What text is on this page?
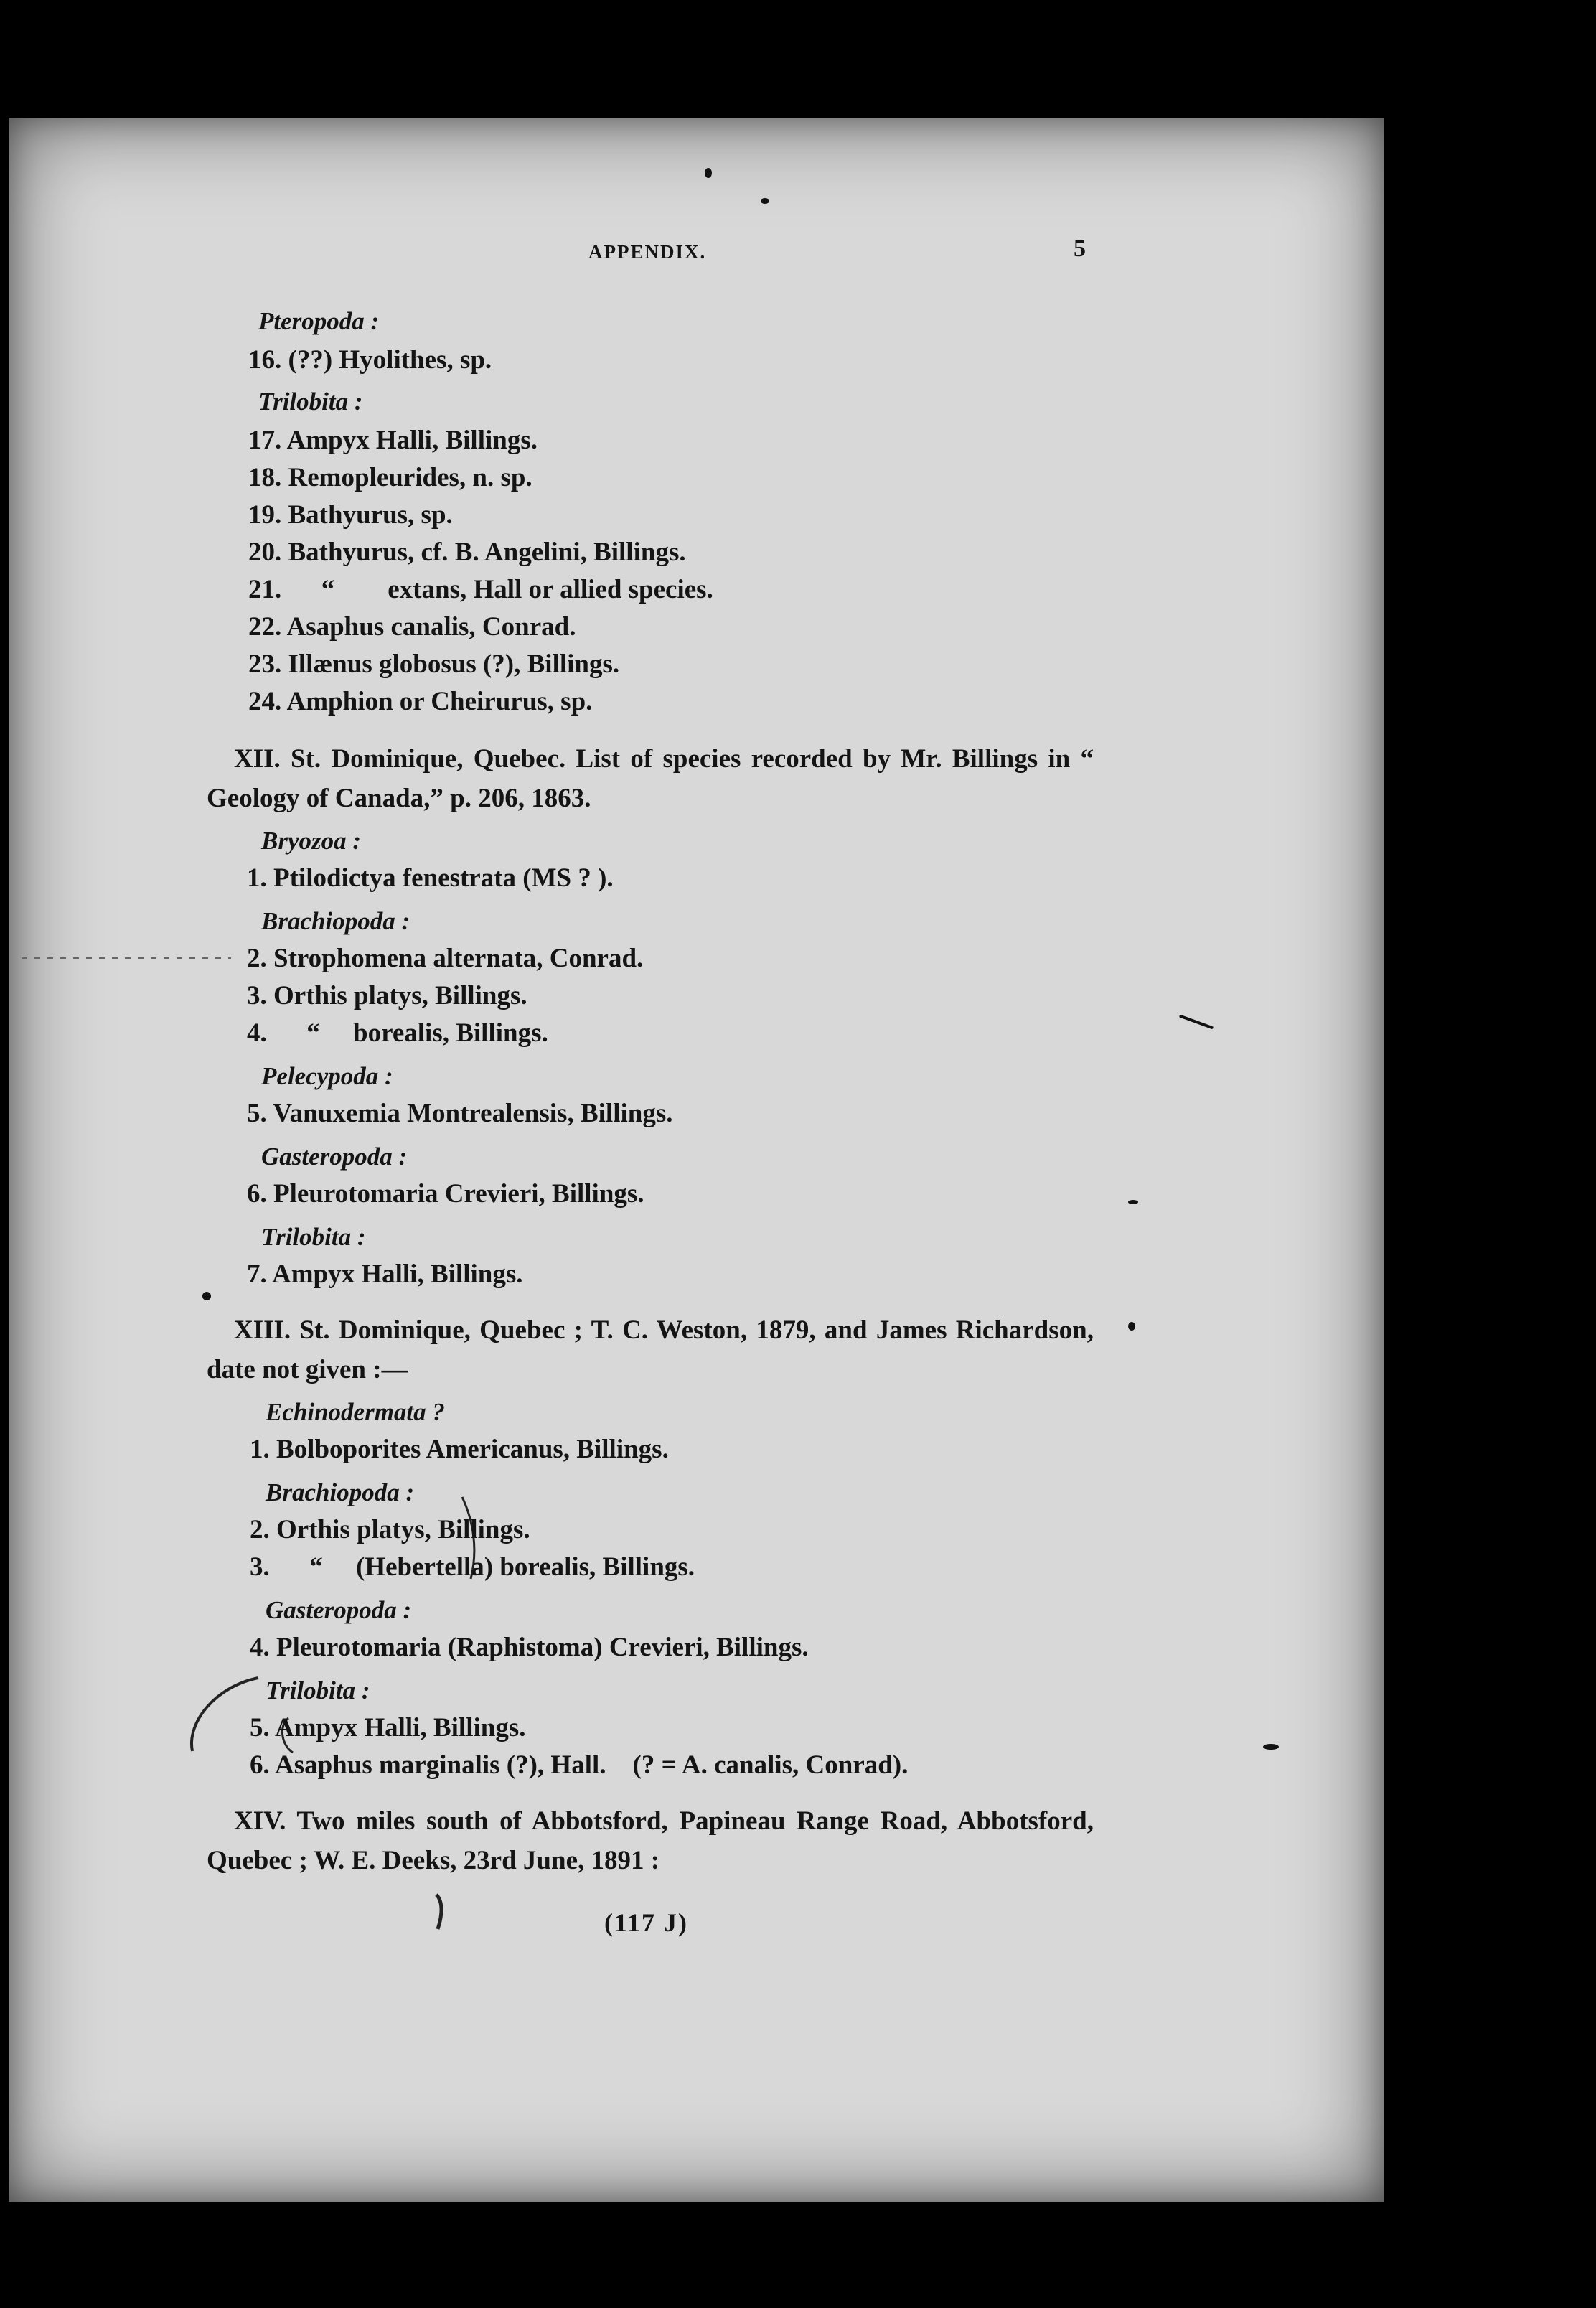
APPENDIX.	5
Pteropoda :
16. (??) Hyolithes, sp.
Trilobita :
17. Ampyx Halli, Billings.
18. Remopleurides, n. sp.
19. Bathyurus, sp.
20. Bathyurus, cf. B. Angelini, Billings.
21. “        extans, Hall or allied species.
22. Asaphus canalis, Conrad.
23. Illænus globosus (?), Billings.
24. Amphion or Cheirurus, sp.
XII. St. Dominique, Quebec. List of species recorded by Mr. Billings in “ Geology of Canada,” p. 206, 1863.
Bryozoa :
1. Ptilodictya fenestrata (MS ? ).
Brachiopoda :
2. Strophomena alternata, Conrad.
3. Orthis platys, Billings.
4. “     borealis, Billings.
Pelecypoda :
5. Vanuxemia Montrealensis, Billings.
Gasteropoda :
6. Pleurotomaria Crevieri, Billings.
Trilobita :
7. Ampyx Halli, Billings.
XIII. St. Dominique, Quebec ; T. C. Weston, 1879, and James Richardson, date not given :—
Echinodermata ?
1. Bolboporites Americanus, Billings.
Brachiopoda :
2. Orthis platys, Billings.
3. “     (Hebertella) borealis, Billings.
Gasteropoda :
4. Pleurotomaria (Raphistoma) Crevieri, Billings.
Trilobita :
5. Ampyx Halli, Billings.
6. Asaphus marginalis (?), Hall.    (? = A. canalis, Conrad).
XIV. Two miles south of Abbotsford, Papineau Range Road, Abbotsford, Quebec ; W. E. Deeks, 23rd June, 1891 :
(117 J)
